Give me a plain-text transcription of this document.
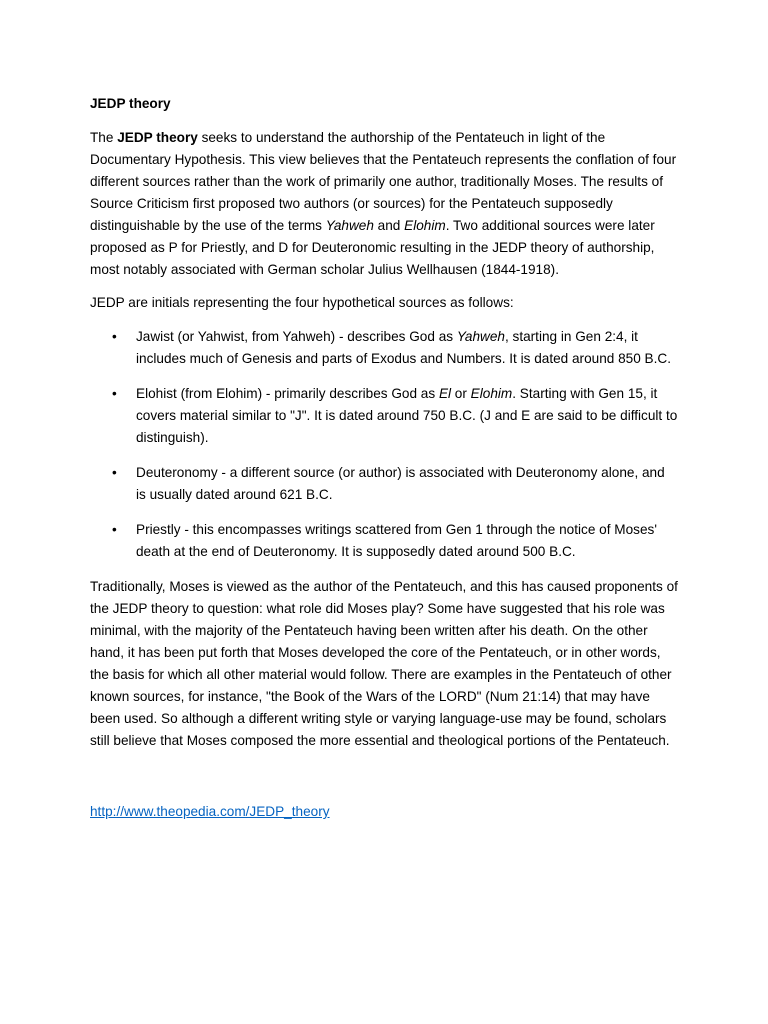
JEDP theory

The JEDP theory seeks to understand the authorship of the Pentateuch in light of the Documentary Hypothesis. This view believes that the Pentateuch represents the conflation of four different sources rather than the work of primarily one author, traditionally Moses. The results of Source Criticism first proposed two authors (or sources) for the Pentateuch supposedly distinguishable by the use of the terms Yahweh and Elohim. Two additional sources were later proposed as P for Priestly, and D for Deuteronomic resulting in the JEDP theory of authorship, most notably associated with German scholar Julius Wellhausen (1844-1918).

JEDP are initials representing the four hypothetical sources as follows:

• Jawist (or Yahwist, from Yahweh) - describes God as Yahweh, starting in Gen 2:4, it includes much of Genesis and parts of Exodus and Numbers. It is dated around 850 B.C.
• Elohist (from Elohim) - primarily describes God as El or Elohim. Starting with Gen 15, it covers material similar to "J". It is dated around 750 B.C. (J and E are said to be difficult to distinguish).
• Deuteronomy - a different source (or author) is associated with Deuteronomy alone, and is usually dated around 621 B.C.
• Priestly - this encompasses writings scattered from Gen 1 through the notice of Moses' death at the end of Deuteronomy. It is supposedly dated around 500 B.C.

Traditionally, Moses is viewed as the author of the Pentateuch, and this has caused proponents of the JEDP theory to question: what role did Moses play? Some have suggested that his role was minimal, with the majority of the Pentateuch having been written after his death. On the other hand, it has been put forth that Moses developed the core of the Pentateuch, or in other words, the basis for which all other material would follow. There are examples in the Pentateuch of other known sources, for instance, "the Book of the Wars of the LORD" (Num 21:14) that may have been used. So although a different writing style or varying language-use may be found, scholars still believe that Moses composed the more essential and theological portions of the Pentateuch.

http://www.theopedia.com/JEDP_theory
